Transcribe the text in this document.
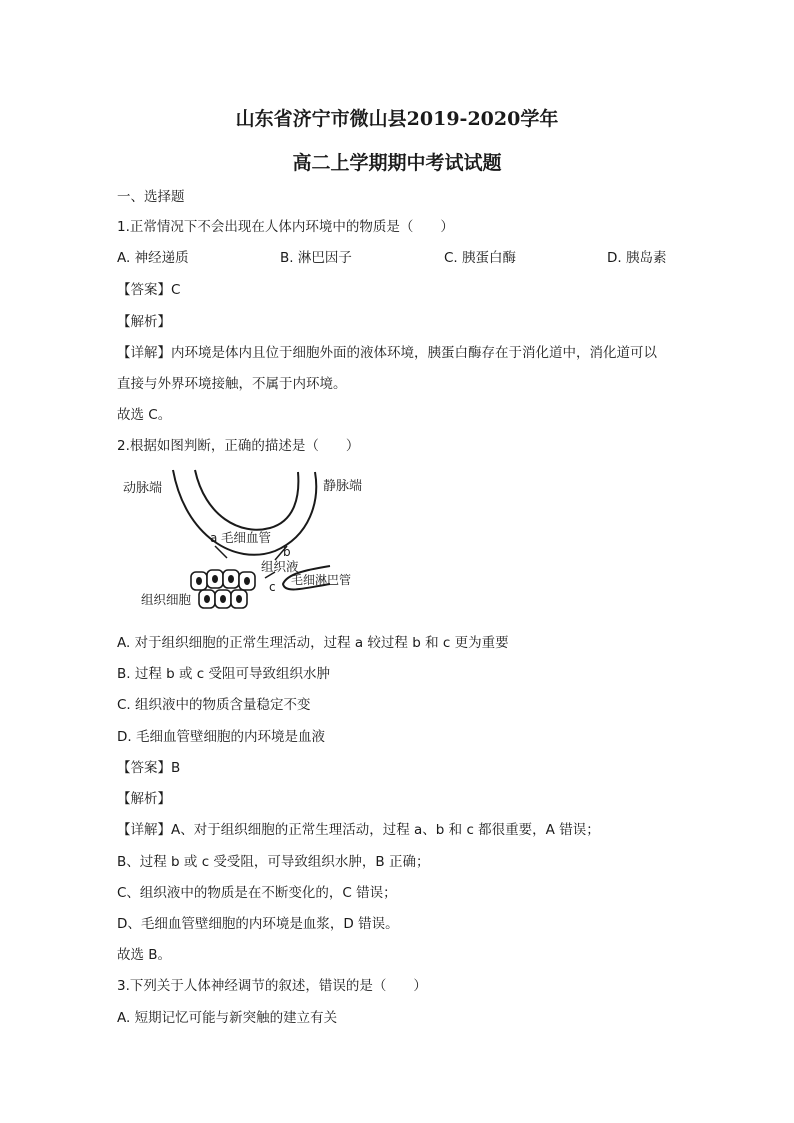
山东省济宁市微山县2019-2020学年
高二上学期期中考试试题
一、选择题
1.正常情况下不会出现在人体内环境中的物质是（　　）
A. 神经递质	B. 淋巴因子	C. 胰蛋白酶	D. 胰岛素
【答案】C
【解析】
【详解】内环境是体内且位于细胞外面的液体环境，胰蛋白酶存在于消化道中，消化道可以
直接与外界环境接触，不属于内环境。
故选 C。
2.根据如图判断，正确的描述是（　　）
动脉端	静脉端
a 毛细血管
b
组织液
毛细淋巴管
c
组织细胞
A. 对于组织细胞的正常生理活动，过程 a 较过程 b 和 c 更为重要
B. 过程 b 或 c 受阻可导致组织水肿
C. 组织液中的物质含量稳定不变
D. 毛细血管壁细胞的内环境是血液
【答案】B
【解析】
【详解】A、对于组织细胞的正常生理活动，过程 a、b 和 c 都很重要，A 错误；
B、过程 b 或 c 受受阻，可导致组织水肿，B 正确；
C、组织液中的物质是在不断变化的，C 错误；
D、毛细血管壁细胞的内环境是血浆，D 错误。
故选 B。
3.下列关于人体神经调节的叙述，错误的是（　　）
A. 短期记忆可能与新突触的建立有关
